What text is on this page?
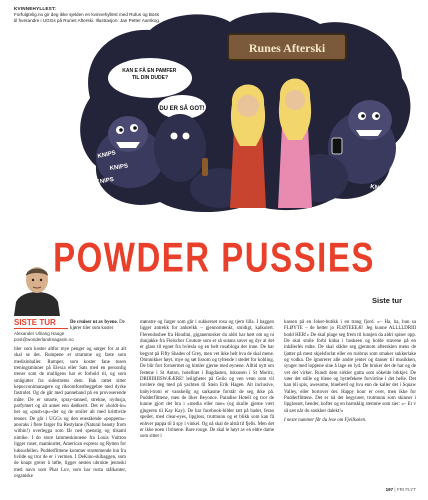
KVINNEHYLLEST:
Forfulgtelig.no gir deg ikke sjelden en kvinnehyllest med Rufus og Boss til hverandre i UGGs på Runes Afterski. Illustrasjon: Jan Petter Aarskog.
Runes Afterski
KAN E FÅ EN PAMFER TIL DIN DUDE?
DU ER SÅ GOT!
KNIPS
KNIPS
KNIPS
KNIPS
POWDER PUSSIES
SISTE TUR
Alexander Ulriang Hauge
post@wonderlandmagasin.no
Siste tur
De cruiser ut av byene. De kjører tiler som koster
tiler som koster altfor mye penger og sørger for at alt skal se det. Rumpene er stramme og faste som medisinballer. Rumper, som koster fane tusen treningsminner på Elexia eller Sats med en personlig trener som de mulligens har et forhold til, og som smågutter fra sidestrøms dem. Bak rattet sitter kepucconimanagere og riksomforstbeggebre med dyrke fastrolet. Og de går med panneband på en provoserende måte. De er smarte, spray-tanned, strekne, nydusja, parfymert og alt annet enn dødkerrt. Det er »holdt-in« her og »push-up«-der og de smiler alt med kritthvite tenner. De går i UGGs og den enestående »poppem«-anoraks i flere farger fra Restylane (Natural beauty from within!) overlegga som får ned spenstig og tilsaml nimike. I do store lammeskinnene fra Louis Vuitton ligger ruser, mamkurtet, American express og Rytten for luksusfellen. Pudderflittene kommer strømmende inn fra hvilde og tror de er i vermen. I DeKino-skibaggen, som de knapt greier å løfte, ligger nesten ubrukte jentoski med navn som Phat Luv, som har rusta stålkanter, organiske
mønstre og farger som går i sukkersøt rosa og tjern lilla. I baggen ligger antrekk for anhreikk – gjennomtenkt, smidigt, kalkulert. Flerendushee fra Houdini, giganemosker du aldri har hørt om og ni dunjakke fra Fleischer Couture som er så sutans saver og dyr at det er glass til egoet fra hvlesla og en helt rosabloga der inne. De har begynt på Fifty Shades of Grey, men vet ikke helt hva de skal mene. Omnnikker høyt, mye og søt lissom og tyltende i stedet for kohling. De blir fort fornærmet og himler gjerne med øynene. Alltid nytt om festene i St Anton, hotellnet i Bagdasten, luksusen i St Moritz, DRIIIIIIIISWÆÆRE! leiligheter på Geilo og ven venn som vil invitere deg med på yachten til Stein Erik Hagen. Alt inclusive, babyl-troni er vanskelig og sarkasme forstår de seg ikke på. Pudderflittene, men de liker Beyonce. Paradise Hotell og tror de kunne gjort det bra i »media eller noe« (og skulle gjerne vært gjngeren til Kay Kay). De har facebook-bilder tatt på badet, feran speilet, med clear-eyes, lipgloss, trutmunn og et blikk som kan få enhver pappa til å spy i vinkel. Og nå skal de altså til fjells. Men det er ikke noen i brinene. Bare rouge. De skal le høyt av en eldre dame som sitter i
kassen på en Joker-butikk i en trang fjord. «– Ha, ha, hun sa FLØYTE – de hetter jo FLØTEEEÆ! Jeg kunne ALLLLDRIII bodd HER!» De skal plage seg frem til lunsjen da aldri spiser opp. De skal smile forbi kidsa i hoskeen og holde stavene på en inhålerlés måte. De skal slådre seg gjennom afterskien mens de ljatter på mest skjelsforlat eller en rusbrus som smaker sukkerlake og vodka. De ignorerer alle andre jenter og danser til musikken, synger med loppene sine å lage en lyd. De bruker det de har og de vet det virker. Rundt dem sirkler gutta som sökelde bikkjer. De vøer det stille og blene og hyttefekere forvirrine i det helle. Det kan bli spis, awesome, blueberd og hva enn de kaller det i Squaw Valley, eller bortover der. Happy hour er over, men ikke for Pudderflittene. Det er nå det begynner, trutmunn som skinner i lipglosset, hender, hofter og en barnsklig stemme som sier: «– Er v så sæt når du snukker dalekt!»
I neste nummer får du lese om Fjellkoken.
197 | FRI FLYT
